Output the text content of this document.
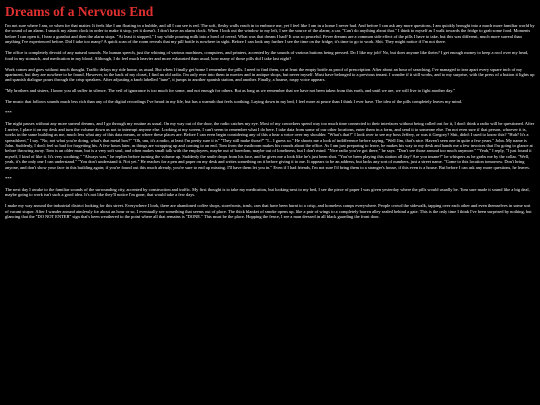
Dreams of a Nervous End

I'm not sure where I am, or when for that matter. It feels like I am floating in a bubble, and all I can see is red. The soft, fleshy walls reach in to embrace me, yet I feel like I am in a home I never had. And before I can ask any more questions, I am quickly brought into a much more familiar world by the sound of an alarm. I smack my alarm clock in order to make it stop, yet it doesn't. I don't have an alarm clock. When I look out the window to my left, I see the source of the alarm; a car. "Can't do anything about that." I think to myself as I walk towards the fridge to grab some food. Moments before I can open it, I hear a gunshot and then the alarm stops. "At least it stopped," I say while pouring milk into a bowl of cereal. What was that dream I had? It was so peaceful. Fever dreams are a common side effect of the pills I have to take, but this was different, much more surreal than anything I've experienced before. Did I take too many? A quick scan of the room reveals that my pill bottle is nowhere in sight. Before I can look any further I see the time on the fridge; it's time to go to work. Shit. They might notice if I'm not there.

The office is completely devoid of any natural sounds. No human speech, just the whining of various machines, computers, and printers, accented by the sounds of various buttons being pressed. Do I like my job? No, but does anyone like theirs? I get enough money to keep a roof over my head, food in my stomach, and medication in my blood. Although, I do feel much heavier and more exhausted than usual, how many of those pills did I take last night?

Work comes and goes without much thought. Traffic delays my ride home, as usual. But when I finally get home I remember the pills. I need to find them, or at least the empty bottle as proof of prescription. After about an hour of searching, I've managed to tear apart every square inch of my apartment, but they are nowhere to be found. However, in the back of my closet, I find an old radio. I'm only ever into them in movies and in antique shops, but never myself. Must have belonged to a previous tenant. I wonder if it still works, and to my surprise, with the press of a button it lights up and spanish dialogue pours through the crisp speakers. After adjusting a knob labelled "tune", it jumps to another spanish station, and another. Finally, a hoarse, raspy voice appears.

"My brothers and sisters, I know you all suffer in silence. The veil of ignorance is too much for some, and not enough for others. But as long as we remember that we have not been taken from this earth, and until we are, we will live to fight another day."

The music that follows sounds much less rich than any of the digital recordings I've heard in my life, but has a warmth that feels soothing. Laying down in my bed, I feel more at peace than I think I ever have. The idea of the pills completely leaves my mind.

***

The night passes without any more surreal dreams, and I go through my routine as usual. On my way out of the door, the radio catches my eye. Most of my coworkers spend way too much time connected to their interfaces without being called out for it, I don't think a radio will be questioned. After I arrive, I place it on my desk and turn the volume down as not to interrupt anyone else. Looking at my screen, I can't seem to remember what I do here. I take data from some of our other locations, enter them in a form, and send it to someone else. I'm not even sure if that person, whoever it is, works in the same building as me, much less what any of this data means, or where these places are. Before I can even begin considering any of this a hear a voice over my shoulder. "What's that?" I look over to see my boss Jeffery, or was it Gregory? Shit, didn't I used to know this? "Huh? It's a spreadsheet," I say. "No, not what you're doing, what's that metal box?" "Oh, um, it's a radio, at least I'm pretty sure it is" "They still make those?" "I... I guess so." He shoots me a look of indifference before saying, "Well Jim, that's nice. Haven't seen one in quite a few years." John. My name is John. Suddenly, I don't feel so bad for forgetting his. A few hours later, as things are wrapping up and coming to an end, Tom from the mailroom makes his rounds about the office. As I am just preparing to leave, he makes his way to my desk and hands me a few invoices that I'm going to glance at before throwing away. Tom is an older man, but is a very soft soul, and often makes small talk with the employees, maybe out of boredom, maybe out of loneliness, but I don't mind. "Nice radio you've got there," he says. "Don't see those around too much anymore." "Yeah," I reply, "I just found it myself, I kind of like it. It's very soothing." "Always was," he replies before turning the volume up. Suddenly the smile drops from his face, and he gives me a look like he's just been shot. "You've been playing this station all day? Are you insane?" he whispers as he grabs me by the collar. "Well, yeah, it's the only one I can understand." "You don't understand it. Not yet." He reaches for a pen and paper on my desk and writes something on it before giving it to me. It appears to be an address, but lacks any sort of numbers, just a street name. "Come to this location tomorrow. Don't bring anyone, and don't show your face in this building again; if you're found out this much already, you're sure to end up missing. I'll have them let you in." Even if I had friends, I'm not sure I'd bring them to a stranger's house, if this even is a house. But before I can ask any more questions, he leaves.

***

The next day I awake to the familiar sounds of the surrounding city, accented by construction and traffic. My first thought is to take my medication, but looking next to my bed, I see the piece of paper I was given yesterday where the pills would usually be. Tom sure made it sound like a big deal, maybe going to work isn't such a good idea. It's not like they'll notice I'm gone, that would take a few days.

I make my way around the industrial district looking for this street. Everywhere I look, there are abandoned coffee shops, storefronts, trash, cars that have been burnt to a crisp, and homeless camps everywhere. People crowd the sidewalk, tapping over each other and even themselves in some sort of vacant stupor. After I wander around aimlessly for about an hour or so, I eventually see something that seems out of place. The thick blanket of smoke opens up, like a pair of wings to a completely barren alley sealed behind a gate. This is the only time I think I've been surprised by nothing, but glancing that the "DO NOT ENTER" sign that's been weathered to the point where all that remains is "DONE." This must be the place. Hopping the fence, I see a man dressed in all black guarding the front door.
